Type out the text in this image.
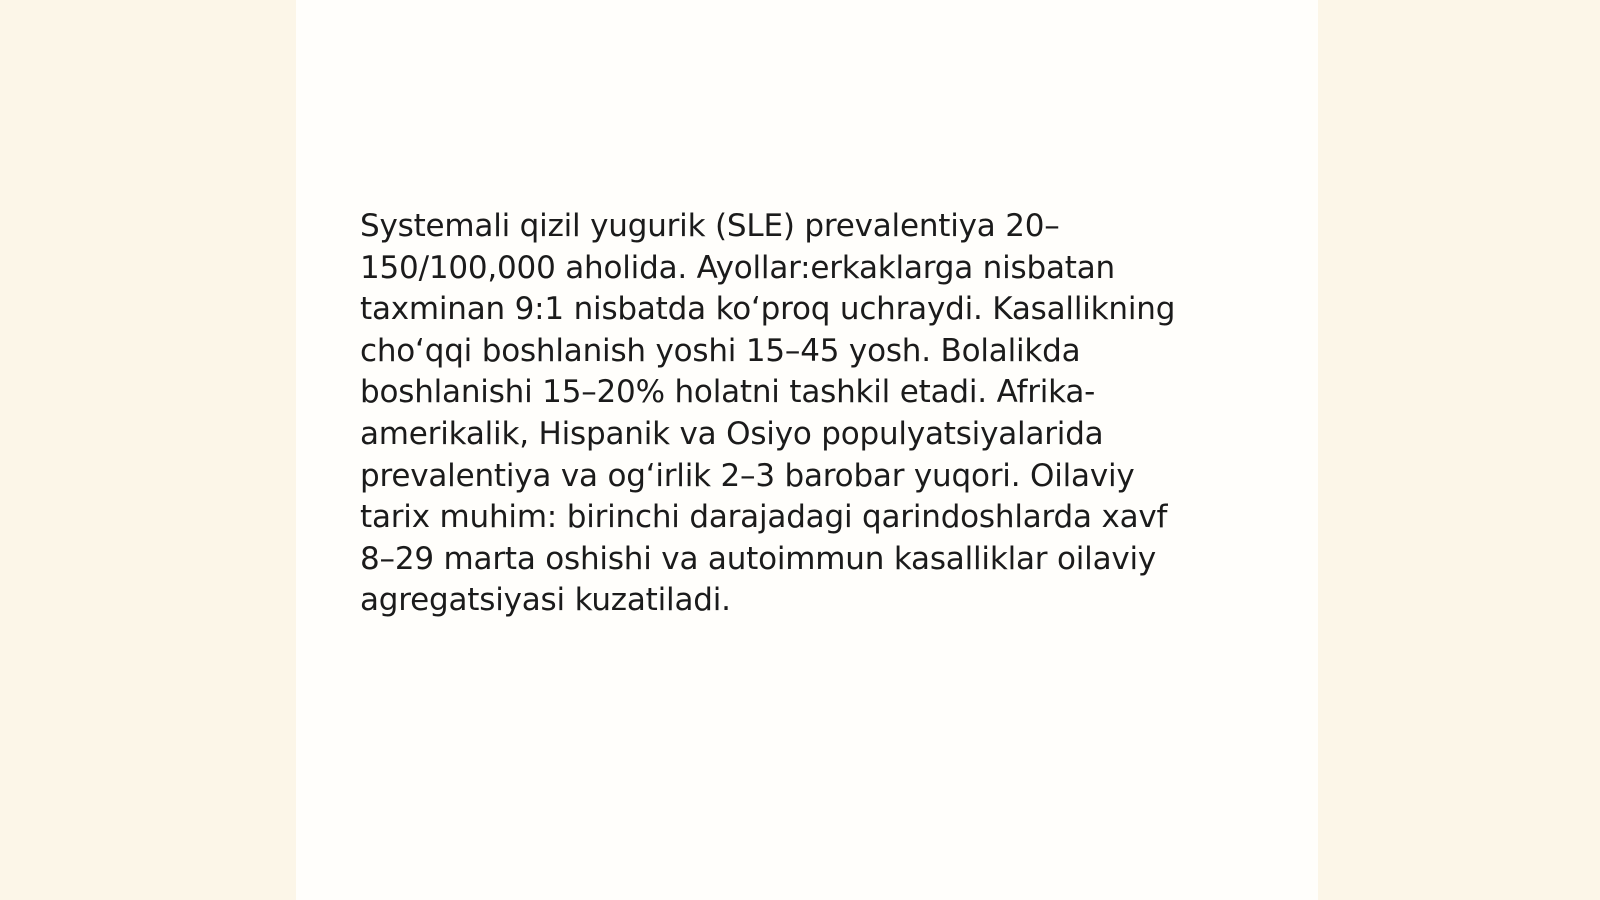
Systemali qizil yugurik (SLE) prevalentiya 20–
150/100,000 aholida. Ayollar:erkaklarga nisbatan
taxminan 9:1 nisbatda koʻproq uchraydi. Kasallikning
choʻqqi boshlanish yoshi 15–45 yosh. Bolalikda
boshlanishi 15–20% holatni tashkil etadi. Afrika-
amerikalik, Hispanik va Osiyo populyatsiyalarida
prevalentiya va ogʻirlik 2–3 barobar yuqori. Oilaviy
tarix muhim: birinchi darajadagi qarindoshlarda xavf
8–29 marta oshishi va autoimmun kasalliklar oilaviy
agregatsiyasi kuzatiladi.
